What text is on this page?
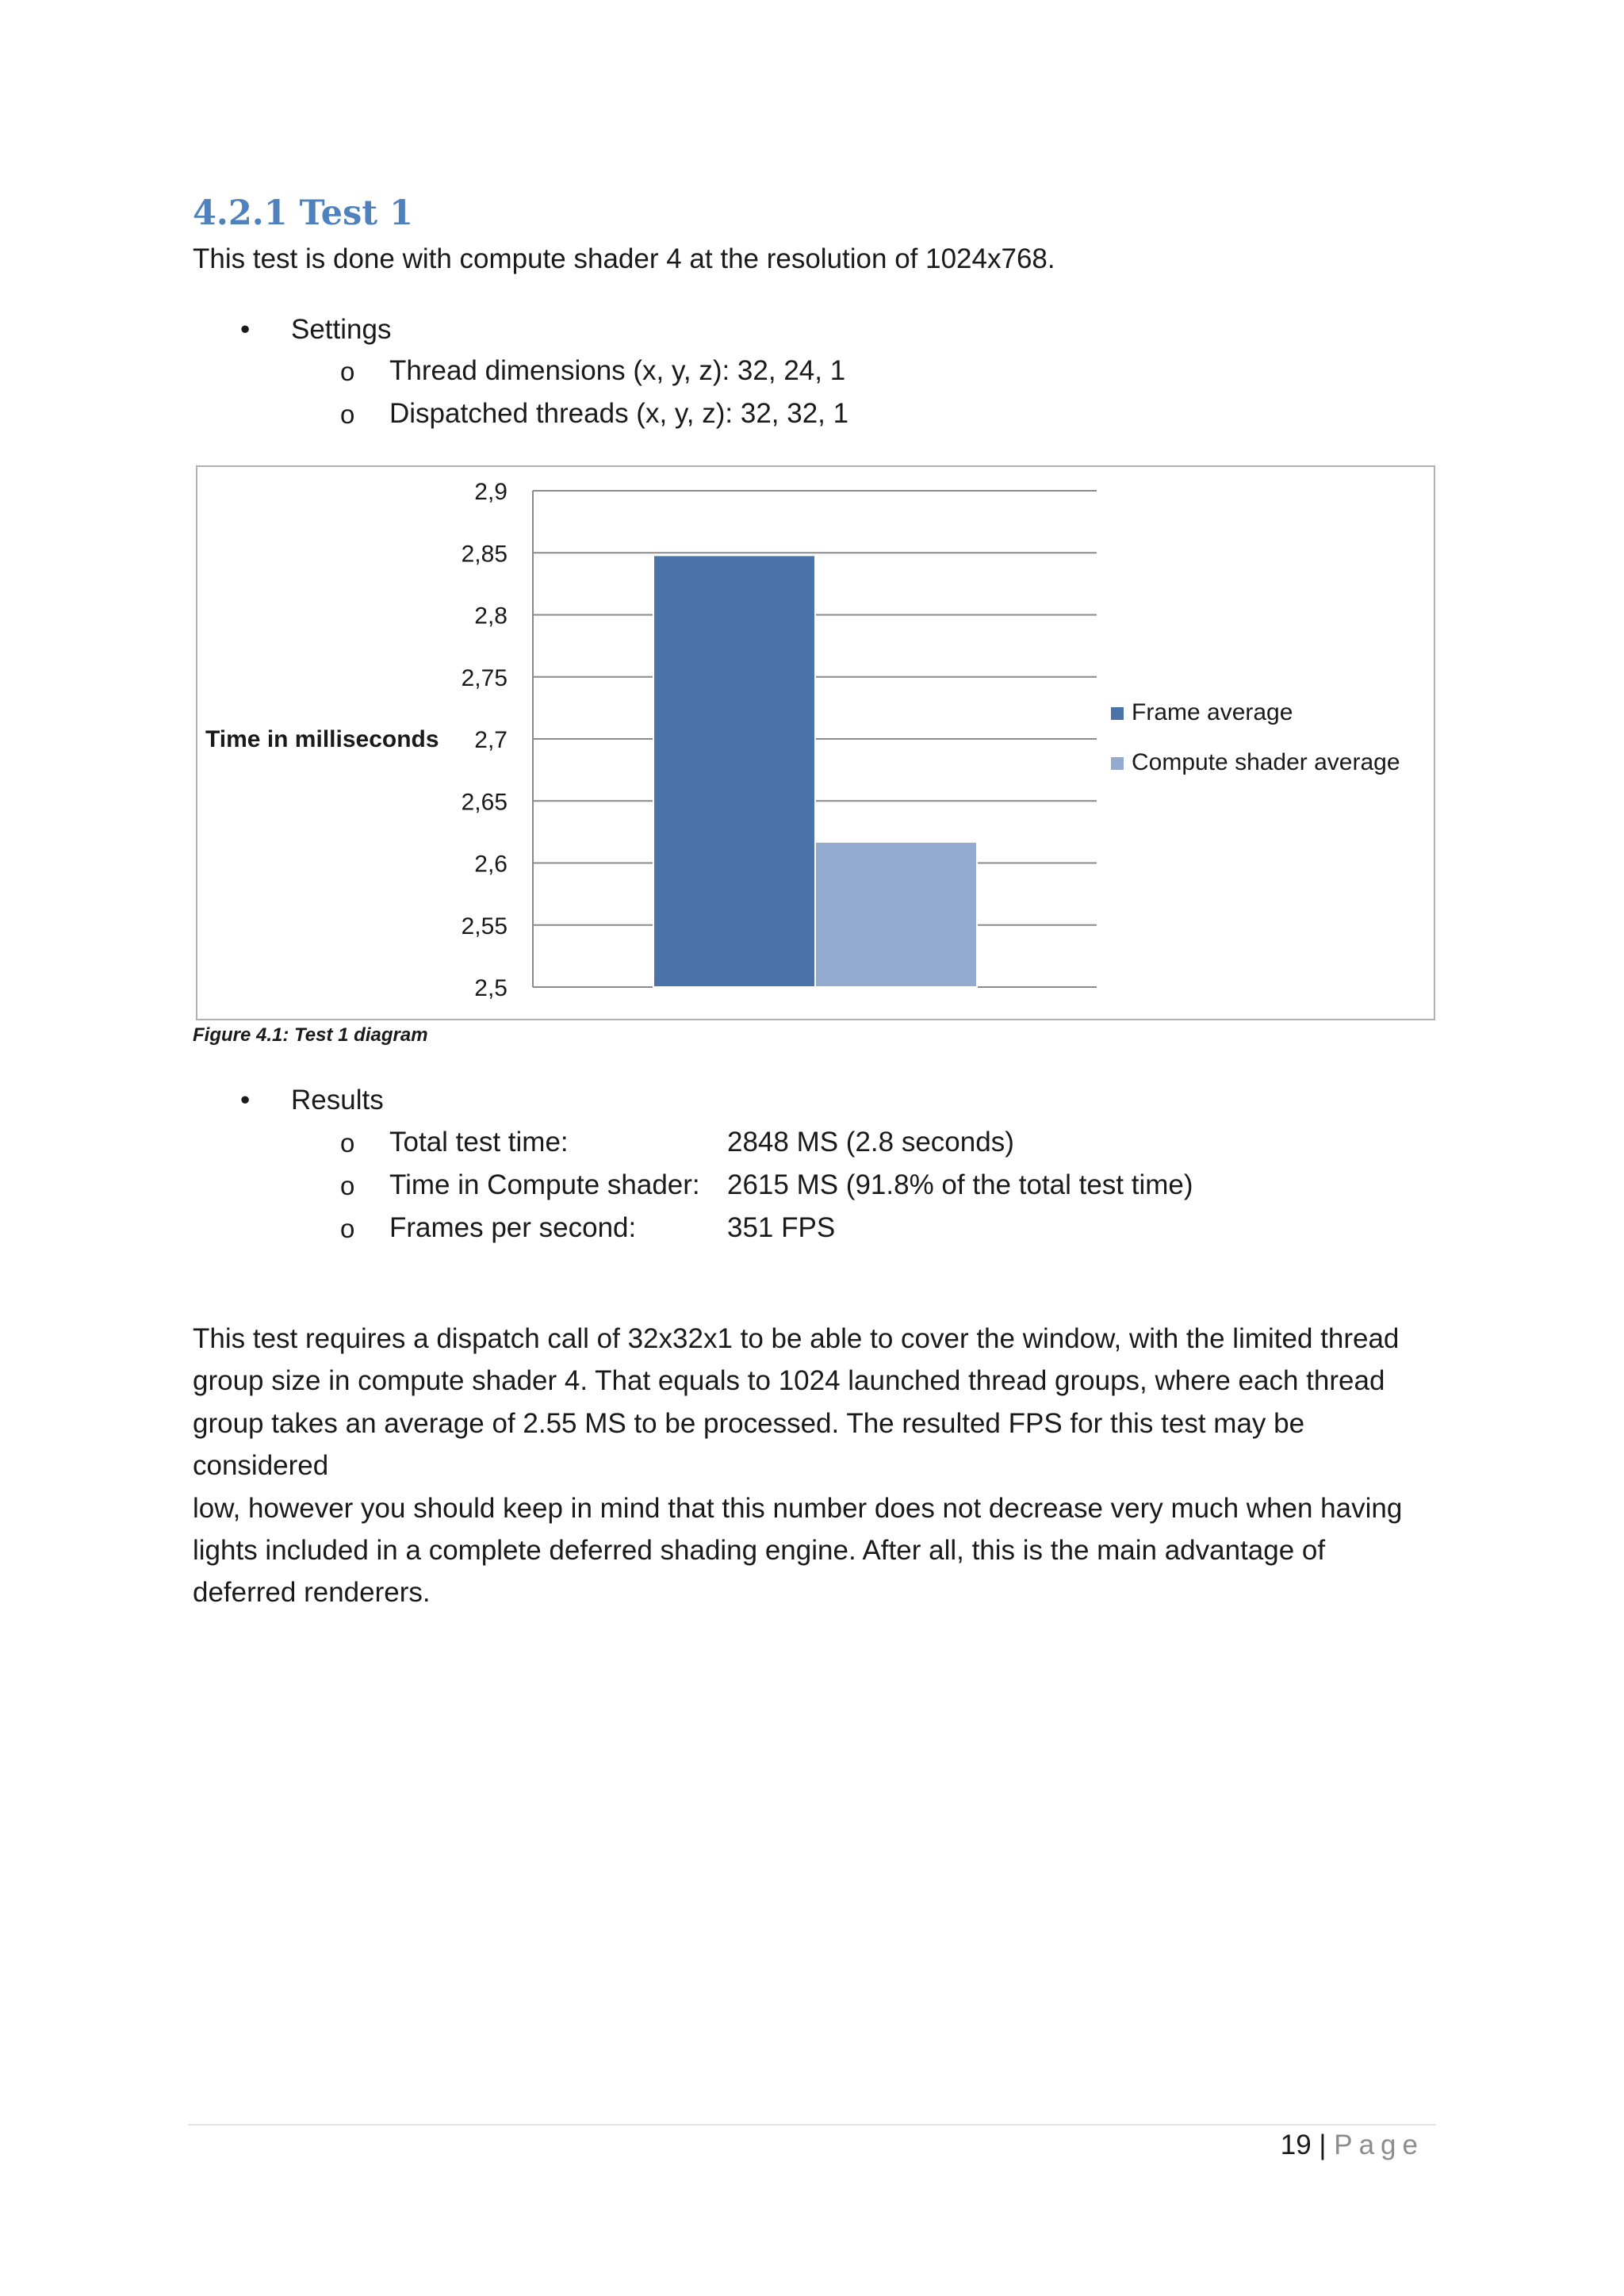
4.2.1 Test 1
This test is done with compute shader 4 at the resolution of 1024x768.
• Settings
o Thread dimensions (x, y, z): 32, 24, 1
o Dispatched threads (x, y, z): 32, 32, 1
2,5
2,55
2,6
2,65
2,7
2,75
2,8
2,85
2,9
Time in milliseconds
Frame average
Compute shader average
Figure 4.1: Test 1 diagram
• Results
o Total test time:	2848 MS (2.8 seconds)
o Time in Compute shader: 2615 MS (91.8% of the total test time)
o Frames per second:	351 FPS
This test requires a dispatch call of 32x32x1 to be able to cover the window, with the limited thread
group size in compute shader 4. That equals to 1024 launched thread groups, where each thread
group takes an average of 2.55 MS to be processed. The resulted FPS for this test may be considered
low, however you should keep in mind that this number does not decrease very much when having
lights included in a complete deferred shading engine. After all, this is the main advantage of
deferred renderers.
19 | Page
